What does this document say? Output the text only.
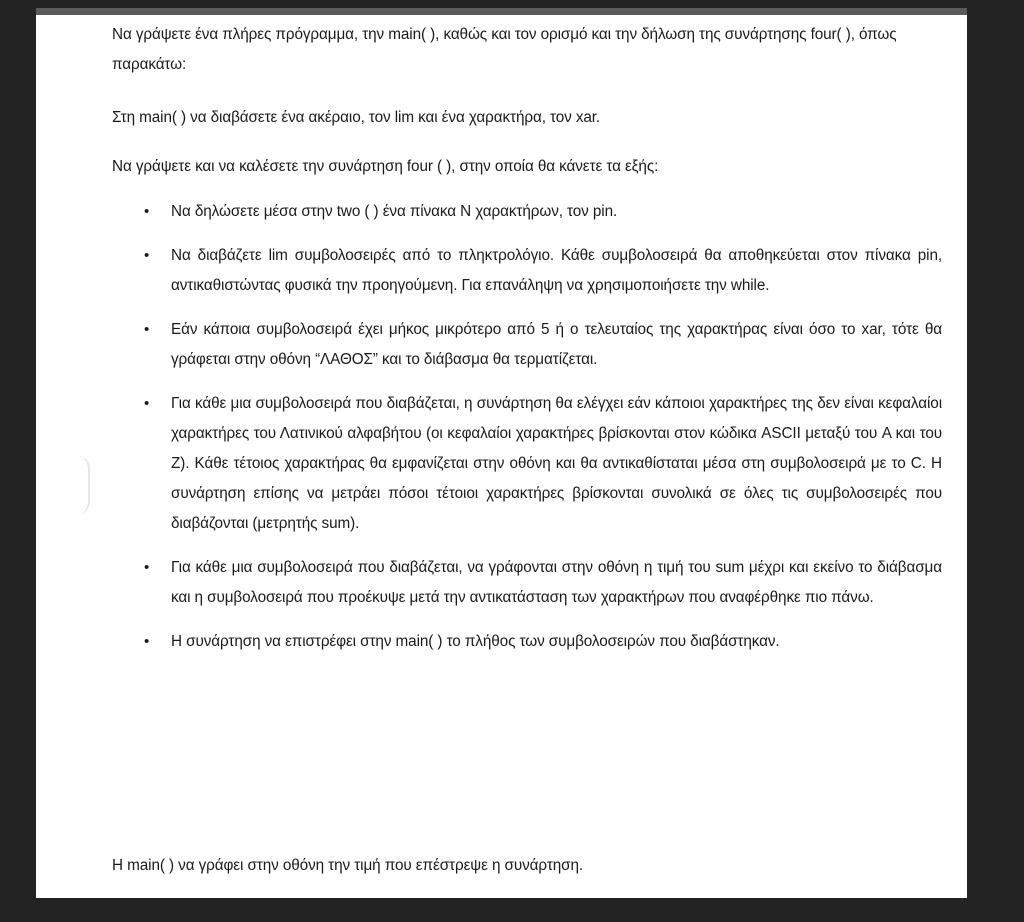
Να γράψετε ένα πλήρες πρόγραμμα, την main( ), καθώς και τον ορισμό και την δήλωση της συνάρτησης four( ), όπως παρακάτω:
Στη main( ) να διαβάσετε ένα ακέραιο, τον lim και ένα χαρακτήρα, τον xar.
Να γράψετε και να καλέσετε την συνάρτηση four ( ), στην οποία θα κάνετε τα εξής:
• Να δηλώσετε μέσα στην two ( ) ένα πίνακα N χαρακτήρων, τον pin.
• Να διαβάζετε lim συμβολοσειρές από το πληκτρολόγιο. Κάθε συμβολοσειρά θα αποθηκεύεται στον πίνακα pin, αντικαθιστώντας φυσικά την προηγούμενη. Για επανάληψη να χρησιμοποιήσετε την while.
• Εάν κάποια συμβολοσειρά έχει μήκος μικρότερο από 5 ή ο τελευταίος της χαρακτήρας είναι όσο το xar, τότε θα γράφεται στην οθόνη “ΛΑΘΟΣ” και το διάβασμα θα τερματίζεται.
• Για κάθε μια συμβολοσειρά που διαβάζεται, η συνάρτηση θα ελέγχει εάν κάποιοι χαρακτήρες της δεν είναι κεφαλαίοι χαρακτήρες του Λατινικού αλφαβήτου (οι κεφαλαίοι χαρακτήρες βρίσκονται στον κώδικα ASCII μεταξύ του A και του Z). Κάθε τέτοιος χαρακτήρας θα εμφανίζεται στην οθόνη και θα αντικαθίσταται μέσα στη συμβολοσειρά με το C. Η συνάρτηση επίσης να μετράει πόσοι τέτοιοι χαρακτήρες βρίσκονται συνολικά σε όλες τις συμβολοσειρές που διαβάζονται (μετρητής sum).
• Για κάθε μια συμβολοσειρά που διαβάζεται, να γράφονται στην οθόνη η τιμή του sum μέχρι και εκείνο το διάβασμα και η συμβολοσειρά που προέκυψε μετά την αντικατάσταση των χαρακτήρων που αναφέρθηκε πιο πάνω.
• Η συνάρτηση να επιστρέφει στην main( ) το πλήθος των συμβολοσειρών που διαβάστηκαν.
Η main( ) να γράφει στην οθόνη την τιμή που επέστρεψε η συνάρτηση.
